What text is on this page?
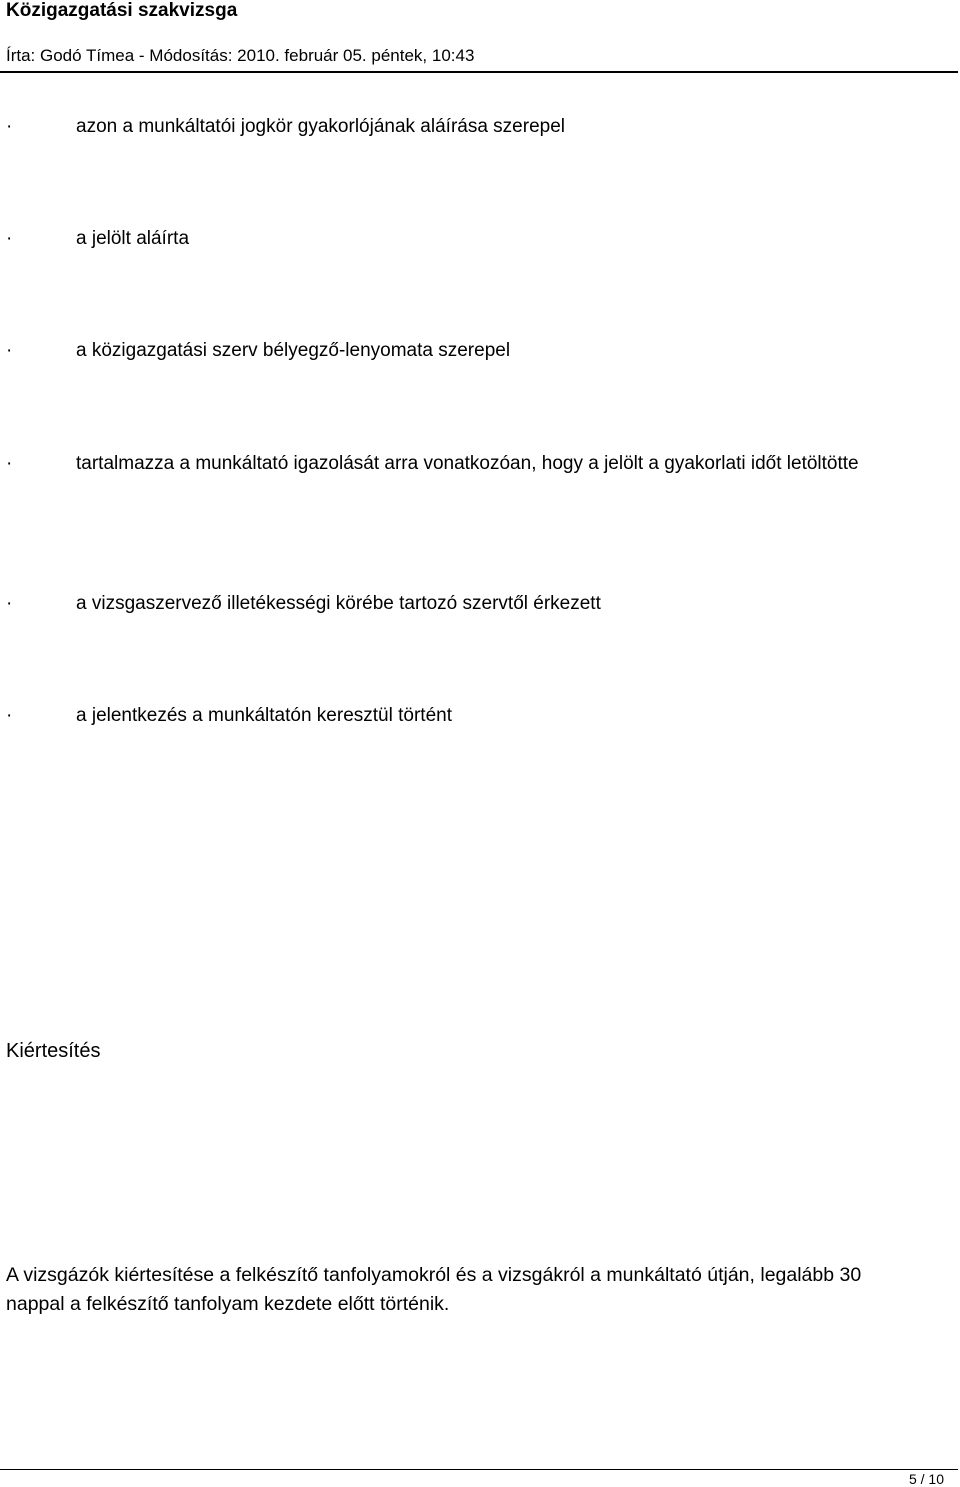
Közigazgatási szakvizsga
Írta: Godó Tímea - Módosítás: 2010. február 05. péntek, 10:43
·	azon a munkáltatói jogkör gyakorlójának aláírása szerepel
·	a jelölt aláírta
·	a közigazgatási szerv bélyegző-lenyomata szerepel
·	tartalmazza a munkáltató igazolását arra vonatkozóan, hogy a jelölt a gyakorlati időt letöltötte
·	a vizsgaszervező illetékességi körébe tartozó szervtől érkezett
·	a jelentkezés a munkáltatón keresztül történt
Kiértesítés
A vizsgázók kiértesítése a felkészítő tanfolyamokról és a vizsgákról a munkáltató útján, legalább 30 nappal a felkészítő tanfolyam kezdete előtt történik.
5 / 10
